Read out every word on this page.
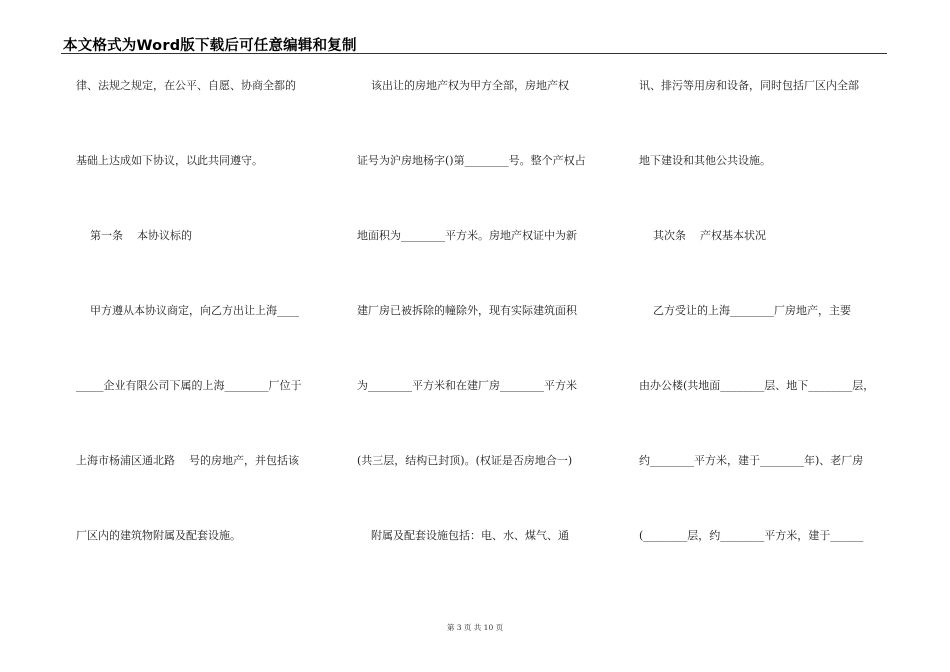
本文格式为Word版下载后可任意编辑和复制
律、法规之规定，在公平、自愿、协商全都的
基础上达成如下协议，以此共同遵守。
第一条    本协议标的
甲方遵从本协议商定，向乙方出让上海____
_____企业有限公司下属的上海________厂位于
上海市杨浦区通北路    号的房地产，并包括该
厂区内的建筑物附属及配套设施。
该出让的房地产权为甲方全部，房地产权
证号为沪房地杨字()第________号。整个产权占
地面积为________平方米。房地产权证中为新
建厂房已被拆除的幢除外，现有实际建筑面积
为________平方米和在建厂房________平方米
(共三层，结构已封顶)。(权证是否房地合一)
附属及配套设施包括：电、水、煤气、通
讯、排污等用房和设备，同时包括厂区内全部
地下建设和其他公共设施。
其次条    产权基本状况
乙方受让的上海________厂房地产，主要
由办公楼(共地面________层、地下________层，
约________平方米，建于________年)、老厂房
(________层，约________平方米，建于______
第 3 页 共 10 页
